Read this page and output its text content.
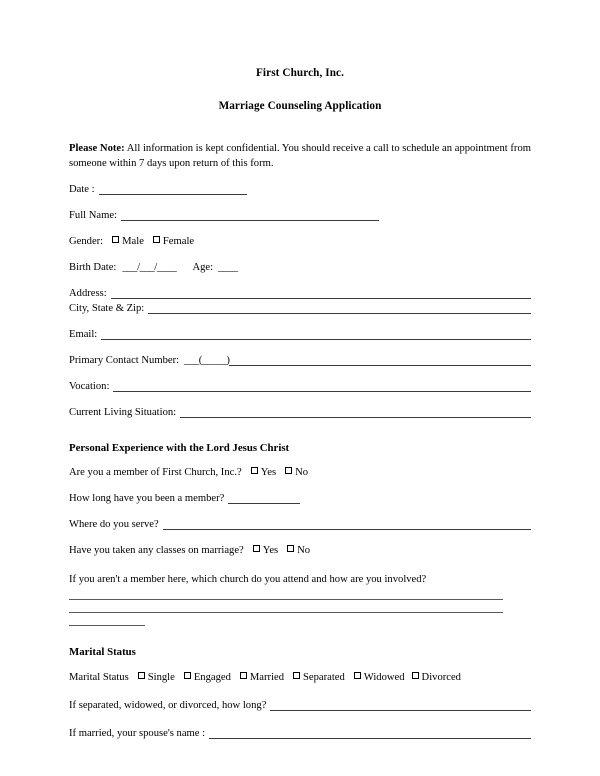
First Church, Inc.
Marriage Counseling Application
Please Note: All information is kept confidential. You should receive a call to schedule an appointment from someone within 7 days upon return of this form.
Date :
Full Name:
Gender:	Male	Female
Birth Date: ___/___/____ Age: ____
Address:
City, State & Zip:
Email:
Primary Contact Number: ___(_____)
Vocation:
Current Living Situation:
Personal Experience with the Lord Jesus Christ
Are you a member of First Church, Inc.?	Yes	No
How long have you been a member?
Where do you serve?
Have you taken any classes on marriage?	Yes	No
If you aren't a member here, which church do you attend and how are you involved?
Marital Status
Marital Status	Single	Engaged	Married	Separated	Widowed	Divorced
If separated, widowed, or divorced, how long?
If married, your spouse's name :
